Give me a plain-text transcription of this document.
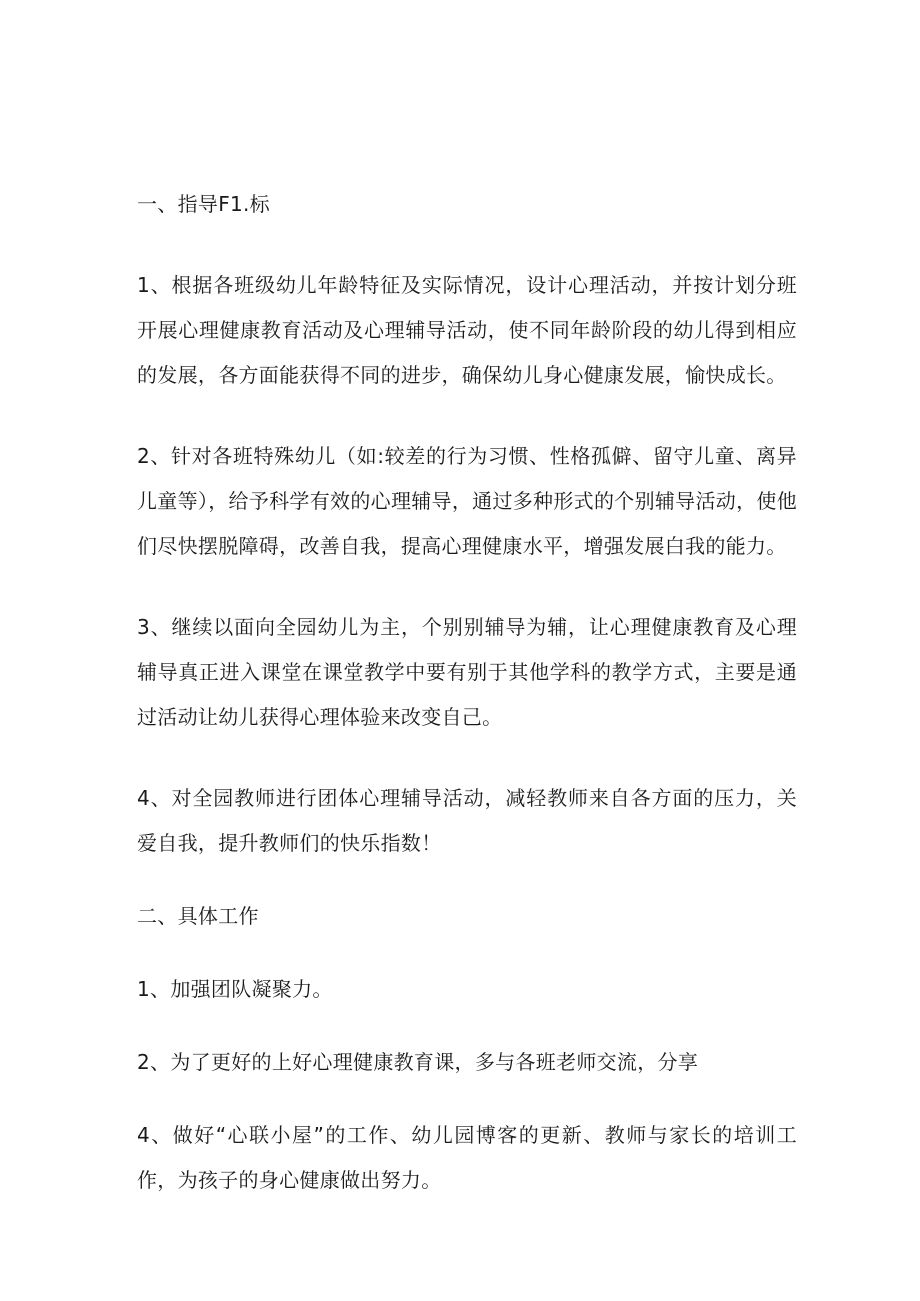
一、指导F1.标

1、根据各班级幼儿年龄特征及实际情况，设计心理活动，并按计划分班开展心理健康教育活动及心理辅导活动，使不同年龄阶段的幼儿得到相应的发展，各方面能获得不同的进步，确保幼儿身心健康发展，愉快成长。

2、针对各班特殊幼儿（如:较差的行为习惯、性格孤僻、留守儿童、离异儿童等），给予科学有效的心理辅导，通过多种形式的个别辅导活动，使他们尽快摆脱障碍，改善自我，提高心理健康水平，增强发展白我的能力。

3、继续以面向全园幼儿为主，个别别辅导为辅，让心理健康教育及心理辅导真正进入课堂在课堂教学中要有别于其他学科的教学方式，主要是通过活动让幼儿获得心理体验来改变自己。

4、对全园教师进行团体心理辅导活动，减轻教师来自各方面的压力，关爱自我，提升教师们的快乐指数！

二、具体工作

1、加强团队凝聚力。

2、为了更好的上好心理健康教育课，多与各班老师交流，分享

4、做好“心联小屋”的工作、幼儿园博客的更新、教师与家长的培训工作，为孩子的身心健康做出努力。
